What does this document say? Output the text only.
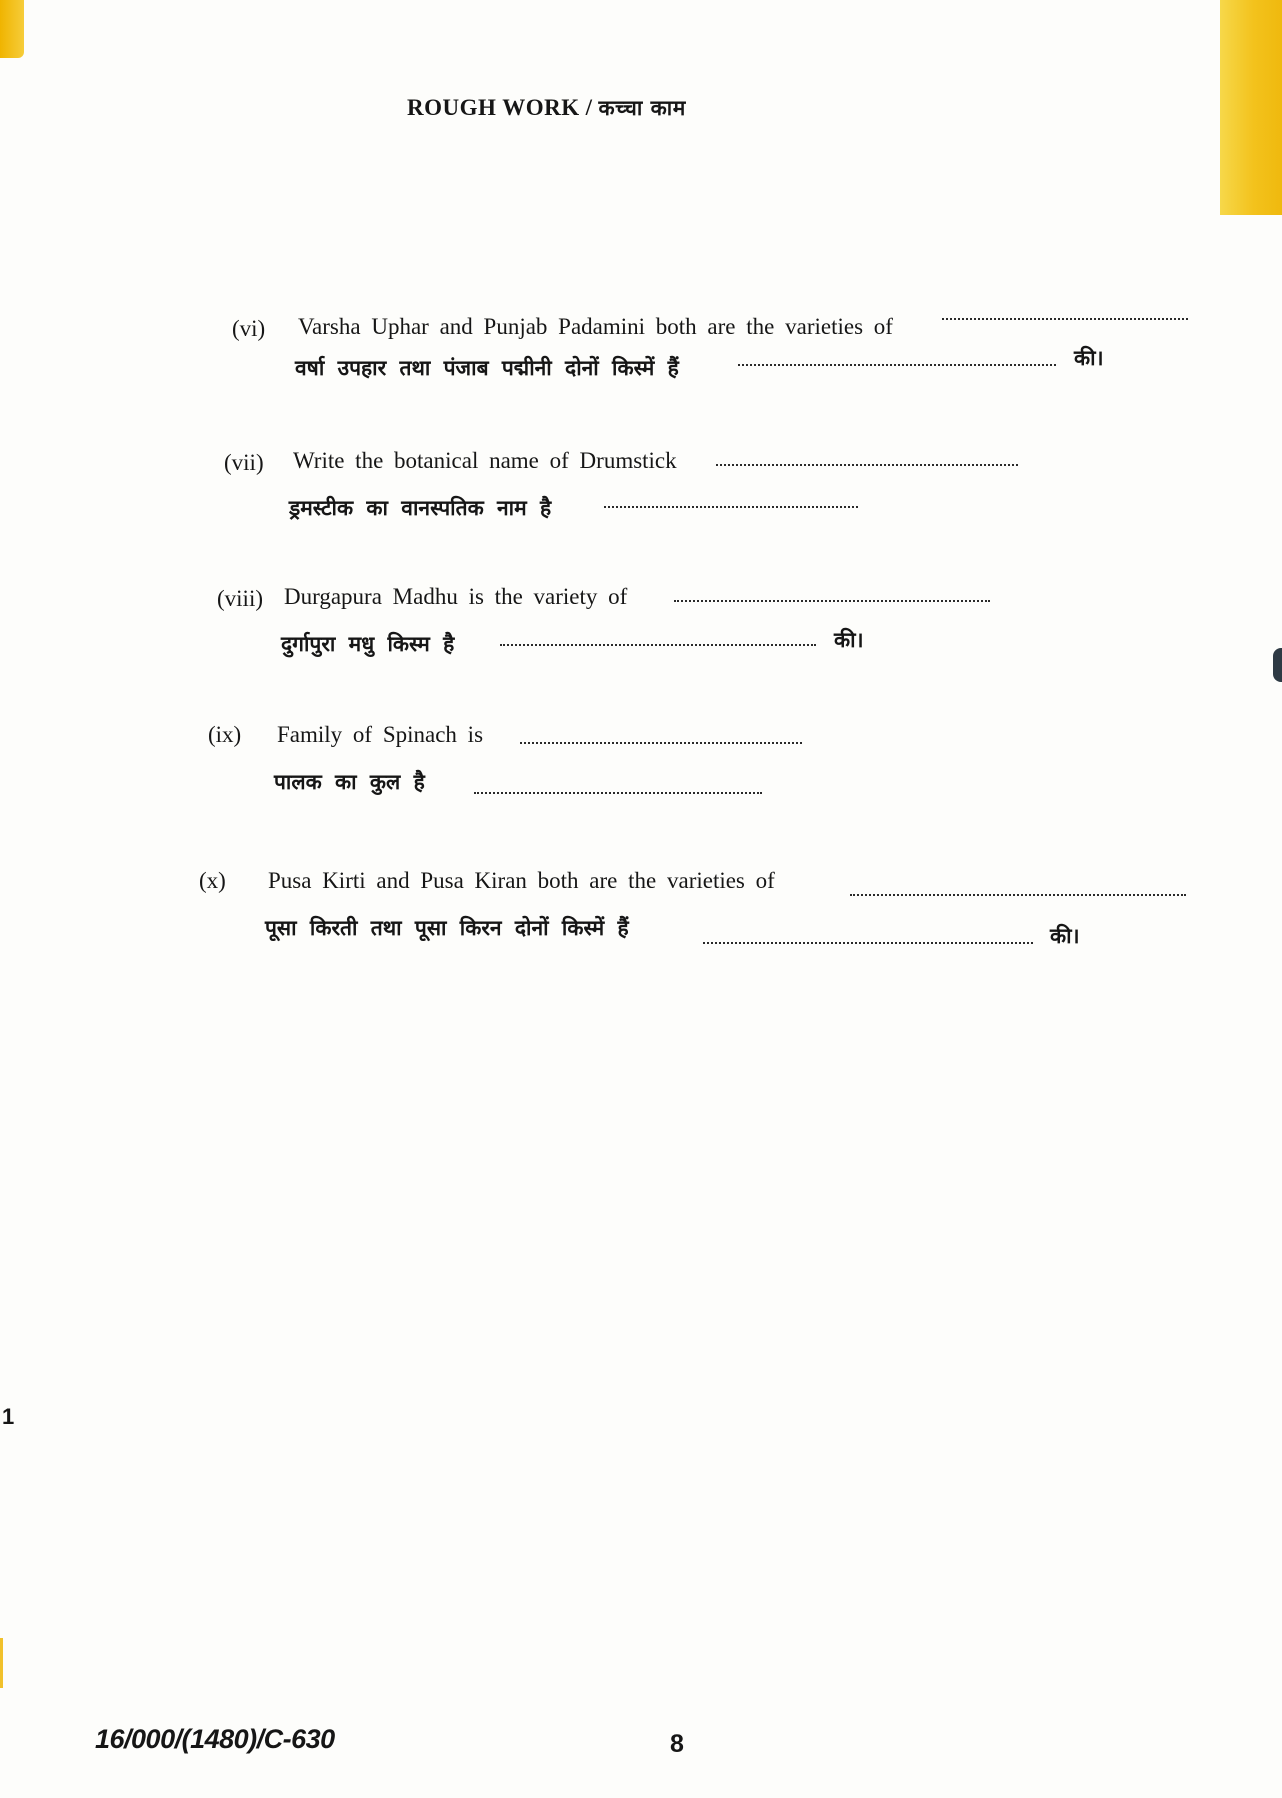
ROUGH WORK / कच्चा काम
(vi) Varsha Uphar and Punjab Padamini both are the varieties of
वर्षा उपहार तथा पंजाब पद्मीनी दोनों किस्में हैं	की।
(vii) Write the botanical name of Drumstick
ड्रमस्टीक का वानस्पतिक नाम है
(viii) Durgapura Madhu is the variety of
दुर्गापुरा मधु किस्म है	की।
(ix) Family of Spinach is
पालक का कुल है
(x) Pusa Kirti and Pusa Kiran both are the varieties of
पूसा किरती तथा पूसा किरन दोनों किस्में हैं	की।
1
16/000/(1480)/C-630	8
